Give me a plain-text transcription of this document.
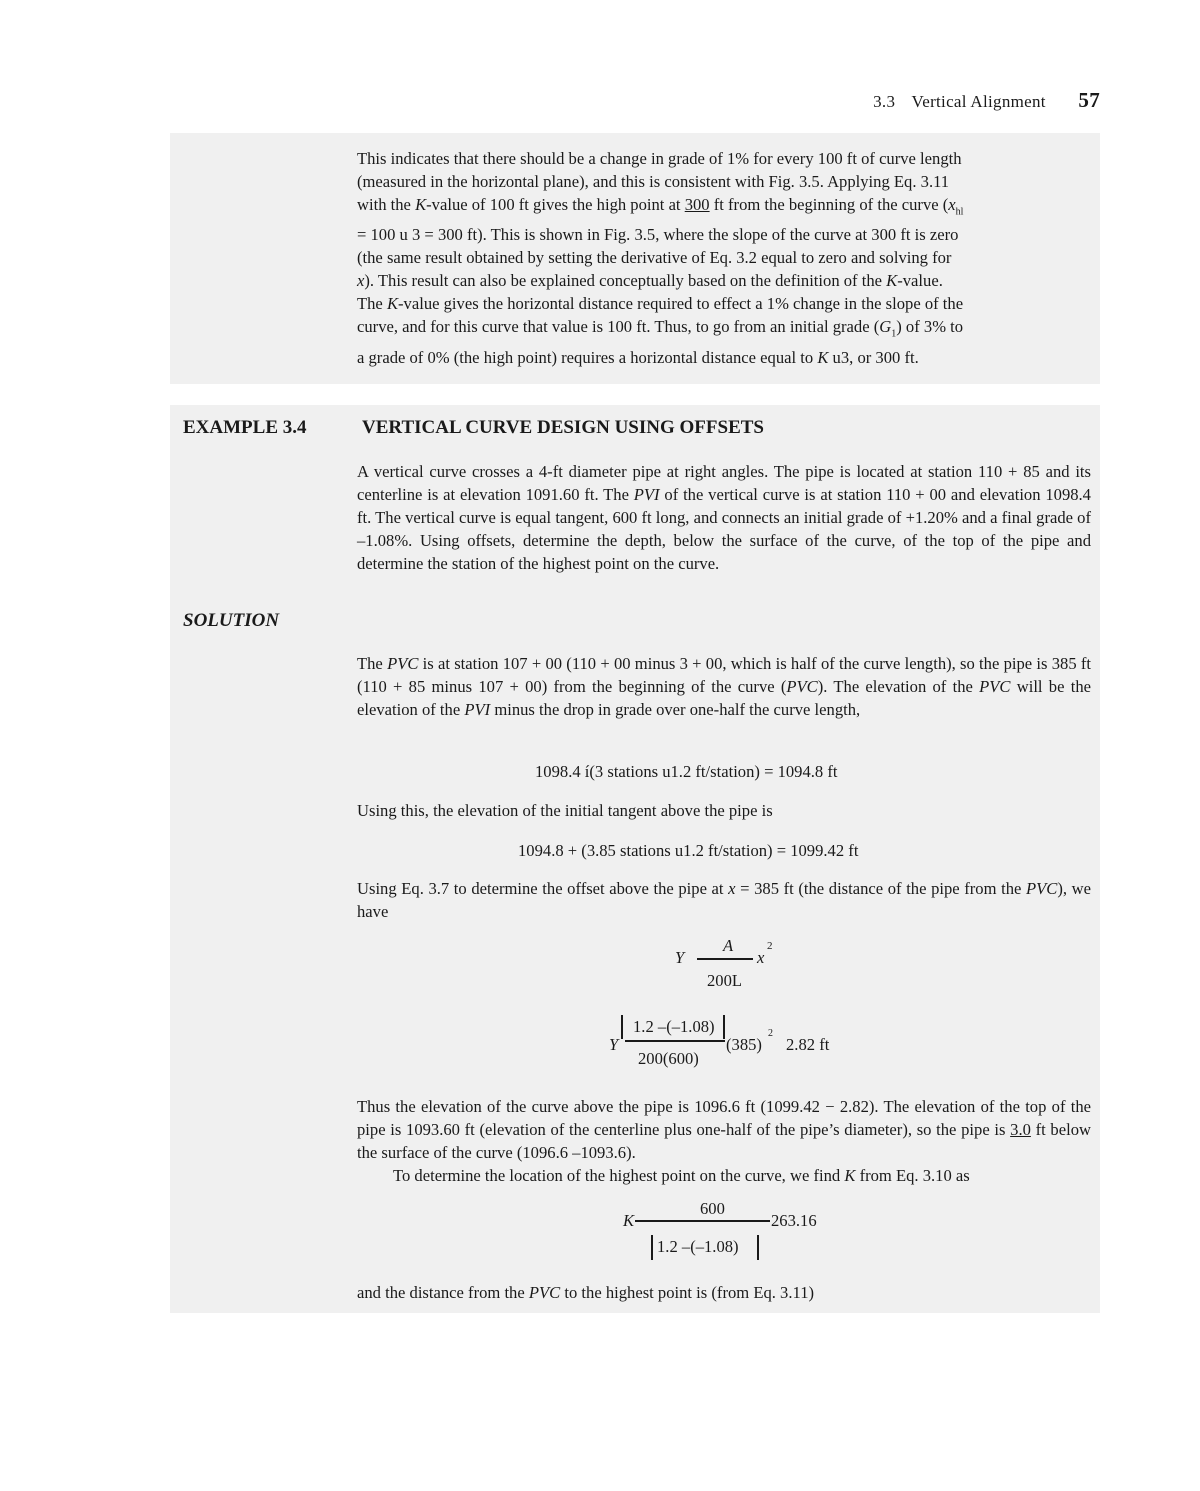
3.3 Vertical Alignment 57
This indicates that there should be a change in grade of 1% for every 100 ft of curve length
(measured in the horizontal plane), and this is consistent with Fig. 3.5. Applying Eq. 3.11
with the K-value of 100 ft gives the high point at 300 ft from the beginning of the curve ($x_{hl}$
= 100 u 3 = 300 ft). This is shown in Fig. 3.5, where the slope of the curve at 300 ft is zero
(the same result obtained by setting the derivative of Eq. 3.2 equal to zero and solving for
x). This result can also be explained conceptually based on the definition of the K-value.
The K-value gives the horizontal distance required to effect a 1% change in the slope of the
curve, and for this curve that value is 100 ft. Thus, to go from an initial grade $(G_1)$ of 3% to
a grade of 0% (the high point) requires a horizontal distance equal to K u3, or 300 ft.
EXAMPLE 3.4	VERTICAL CURVE DESIGN USING OFFSETS

A vertical curve crosses a 4-ft diameter pipe at right angles. The pipe is located at station 110 + 85 and its centerline is at elevation 1091.60 ft. The PVI of the vertical curve is at station 110 + 00 and elevation 1098.4 ft. The vertical curve is equal tangent, 600 ft long, and connects an initial grade of +1.20% and a final grade of –1.08%. Using offsets, determine the depth, below the surface of the curve, of the top of the pipe and determine the station of the highest point on the curve.

SOLUTION

The PVC is at station 107 + 00 (110 + 00 minus 3 + 00, which is half of the curve length), so the pipe is 385 ft (110 + 85 minus 107 + 00) from the beginning of the curve (PVC). The elevation of the PVC will be the elevation of the PVI minus the drop in grade over one-half the curve length,

1098.4 í(3 stations u1.2 ft/station) = 1094.8 ft
Using this, the elevation of the initial tangent above the pipe is
1094.8 + (3.85 stations u1.2 ft/station) = 1099.42 ft

Using Eq. 3.7 to determine the offset above the pipe at x = 385 ft (the distance of the pipe from the PVC), we have

Y
A
200L
x
2
Y
1.2 –(–1.08)
200(600)
(385)
2
2.82 ft

Thus the elevation of the curve above the pipe is 1096.6 ft (1099.42 − 2.82). The elevation of the top of the pipe is 1093.60 ft (elevation of the centerline plus one-half of the pipe’s diameter), so the pipe is 3.0 ft below the surface of the curve (1096.6 –1093.6).

To determine the location of the highest point on the curve, we find K from Eq. 3.10 as

K
600
1.2 –(–1.08)
263.16

and the distance from the PVC to the highest point is (from Eq. 3.11)
